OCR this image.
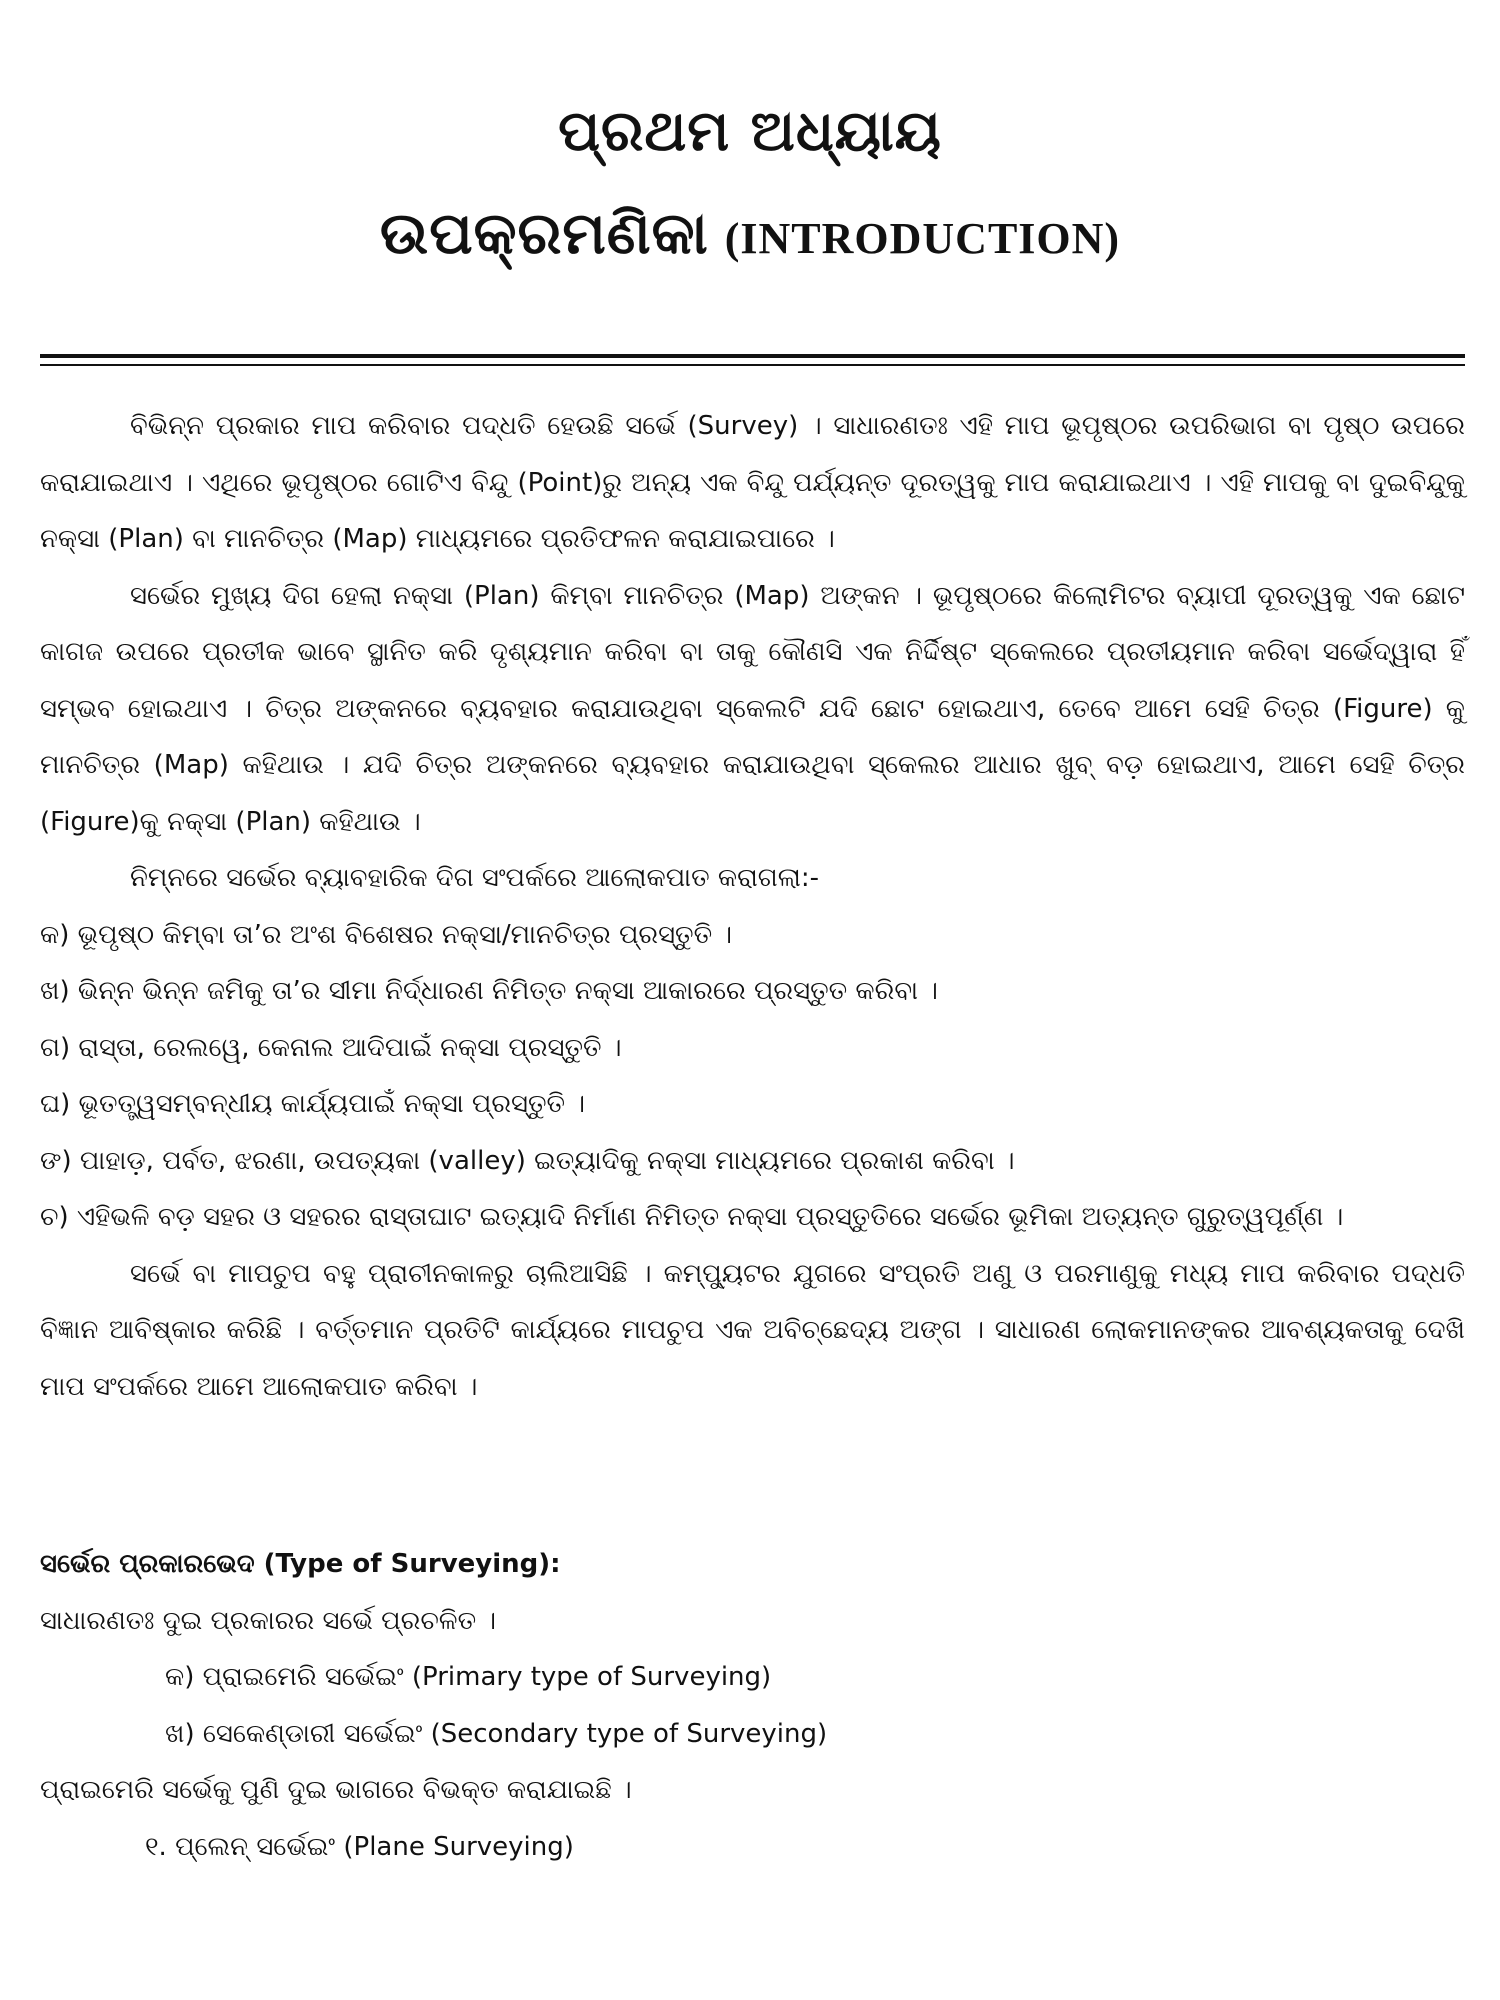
ପ୍ରଥମ ଅଧ୍ୟାୟ
ଉପକ୍ରମଣିକା (INTRODUCTION)

ବିଭିନ୍ନ ପ୍ରକାର ମାପ କରିବାର ପଦ୍ଧତି ହେଉଛି ସର୍ଭେ (Survey) । ସାଧାରଣତଃ ଏହି ମାପ ଭୂପୃଷ୍ଠର ଉପରିଭାଗ ବା ପୃଷ୍ଠ ଉପରେ କରାଯାଇଥାଏ । ଏଥିରେ ଭୂପୃଷ୍ଠର ଗୋଟିଏ ବିନ୍ଦୁ (Point)ରୁ ଅନ୍ୟ ଏକ ବିନ୍ଦୁ ପର୍ଯ୍ୟନ୍ତ ଦୂରତ୍ୱକୁ ମାପ କରାଯାଇଥାଏ । ଏହି ମାପକୁ ବା ଦୁଇବିନ୍ଦୁକୁ ନକ୍ସା (Plan) ବା ମାନଚିତ୍ର (Map) ମାଧ୍ୟମରେ ପ୍ରତିଫଳନ କରାଯାଇପାରେ ।

ସର୍ଭେର ମୁଖ୍ୟ ଦିଗ ହେଲା ନକ୍ସା (Plan) କିମ୍ବା ମାନଚିତ୍ର (Map) ଅଙ୍କନ । ଭୂପୃଷ୍ଠରେ କିଲୋମିଟର ବ୍ୟାପୀ ଦୂରତ୍ୱକୁ ଏକ ଛୋଟ କାଗଜ ଉପରେ ପ୍ରତୀକ ଭାବେ ସ୍ଥାନିତ କରି ଦୃଶ୍ୟମାନ କରିବା ବା ତାକୁ କୌଣସି ଏକ ନିର୍ଦ୍ଦିଷ୍ଟ ସ୍କେଲରେ ପ୍ରତୀୟମାନ କରିବା ସର୍ଭେଦ୍ୱାରା ହିଁ ସମ୍ଭବ ହୋଇଥାଏ । ଚିତ୍ର ଅଙ୍କନରେ ବ୍ୟବହାର କରାଯାଉଥିବା ସ୍କେଲଟି ଯଦି ଛୋଟ ହୋଇଥାଏ, ତେବେ ଆମେ ସେହି ଚିତ୍ର (Figure) କୁ ମାନଚିତ୍ର (Map) କହିଥାଉ । ଯଦି ଚିତ୍ର ଅଙ୍କନରେ ବ୍ୟବହାର କରାଯାଉଥିବା ସ୍କେଲର ଆଧାର ଖୁବ୍ ବଡ଼ ହୋଇଥାଏ, ଆମେ ସେହି ଚିତ୍ର (Figure)କୁ ନକ୍ସା (Plan) କହିଥାଉ ।

ନିମ୍ନରେ ସର୍ଭେର ବ୍ୟାବହାରିକ ଦିଗ ସଂପର୍କରେ ଆଲୋକପାତ କରାଗଲା:-

କ) ଭୂପୃଷ୍ଠ କିମ୍ବା ତା’ର ଅଂଶ ବିଶେଷର ନକ୍ସା/ମାନଚିତ୍ର ପ୍ରସ୍ତୁତି ।

ଖ) ଭିନ୍ନ ଭିନ୍ନ ଜମିକୁ ତା’ର ସୀମା ନିର୍ଦ୍ଧାରଣ ନିମିତ୍ତ ନକ୍ସା ଆକାରରେ ପ୍ରସ୍ତୁତ କରିବା ।

ଗ) ରାସ୍ତା, ରେଲୱେ, କେନାଲ ଆଦିପାଇଁ ନକ୍ସା ପ୍ରସ୍ତୁତି ।

ଘ) ଭୂତତ୍ତ୍ୱସମ୍ବନ୍ଧୀୟ କାର୍ଯ୍ୟପାଇଁ ନକ୍ସା ପ୍ରସ୍ତୁତି ।

ଙ) ପାହାଡ଼, ପର୍ବତ, ଝରଣା, ଉପତ୍ୟକା (valley) ଇତ୍ୟାଦିକୁ ନକ୍ସା ମାଧ୍ୟମରେ ପ୍ରକାଶ କରିବା ।

ଚ) ଏହିଭଳି ବଡ଼ ସହର ଓ ସହରର ରାସ୍ତାଘାଟ ଇତ୍ୟାଦି ନିର୍ମାଣ ନିମିତ୍ତ ନକ୍ସା ପ୍ରସ୍ତୁତିରେ ସର୍ଭେର ଭୂମିକା ଅତ୍ୟନ୍ତ ଗୁରୁତ୍ୱପୂର୍ଣ୍ଣ ।

ସର୍ଭେ ବା ମାପଚୁପ ବହୁ ପ୍ରାଚୀନକାଳରୁ ଚାଲିଆସିଛି । କମ୍ପ୍ୟୁଟର ଯୁଗରେ ସଂପ୍ରତି ଅଣୁ ଓ ପରମାଣୁକୁ ମଧ୍ୟ ମାପ କରିବାର ପଦ୍ଧତି ବିଜ୍ଞାନ ଆବିଷ୍କାର କରିଛି । ବର୍ତ୍ତମାନ ପ୍ରତିଟି କାର୍ଯ୍ୟରେ ମାପଚୁପ ଏକ ଅବିଚ୍ଛେଦ୍ୟ ଅଙ୍ଗ । ସାଧାରଣ ଲୋକମାନଙ୍କର ଆବଶ୍ୟକତାକୁ ଦେଖି ମାପ ସଂପର୍କରେ ଆମେ ଆଲୋକପାତ କରିବା ।

ସର୍ଭେର ପ୍ରକାରଭେଦ (Type of Surveying):

ସାଧାରଣତଃ ଦୁଇ ପ୍ରକାରର ସର୍ଭେ ପ୍ରଚଳିତ ।

କ) ପ୍ରାଇମେରି ସର୍ଭେଇଂ (Primary type of Surveying)

ଖ) ସେକେଣ୍ଡାରୀ ସର୍ଭେଇଂ (Secondary type of Surveying)

ପ୍ରାଇମେରି ସର୍ଭେକୁ ପୁଣି ଦୁଇ ଭାଗରେ ବିଭକ୍ତ କରାଯାଇଛି ।

୧. ପ୍ଲେନ୍ ସର୍ଭେଇଂ (Plane Surveying)
